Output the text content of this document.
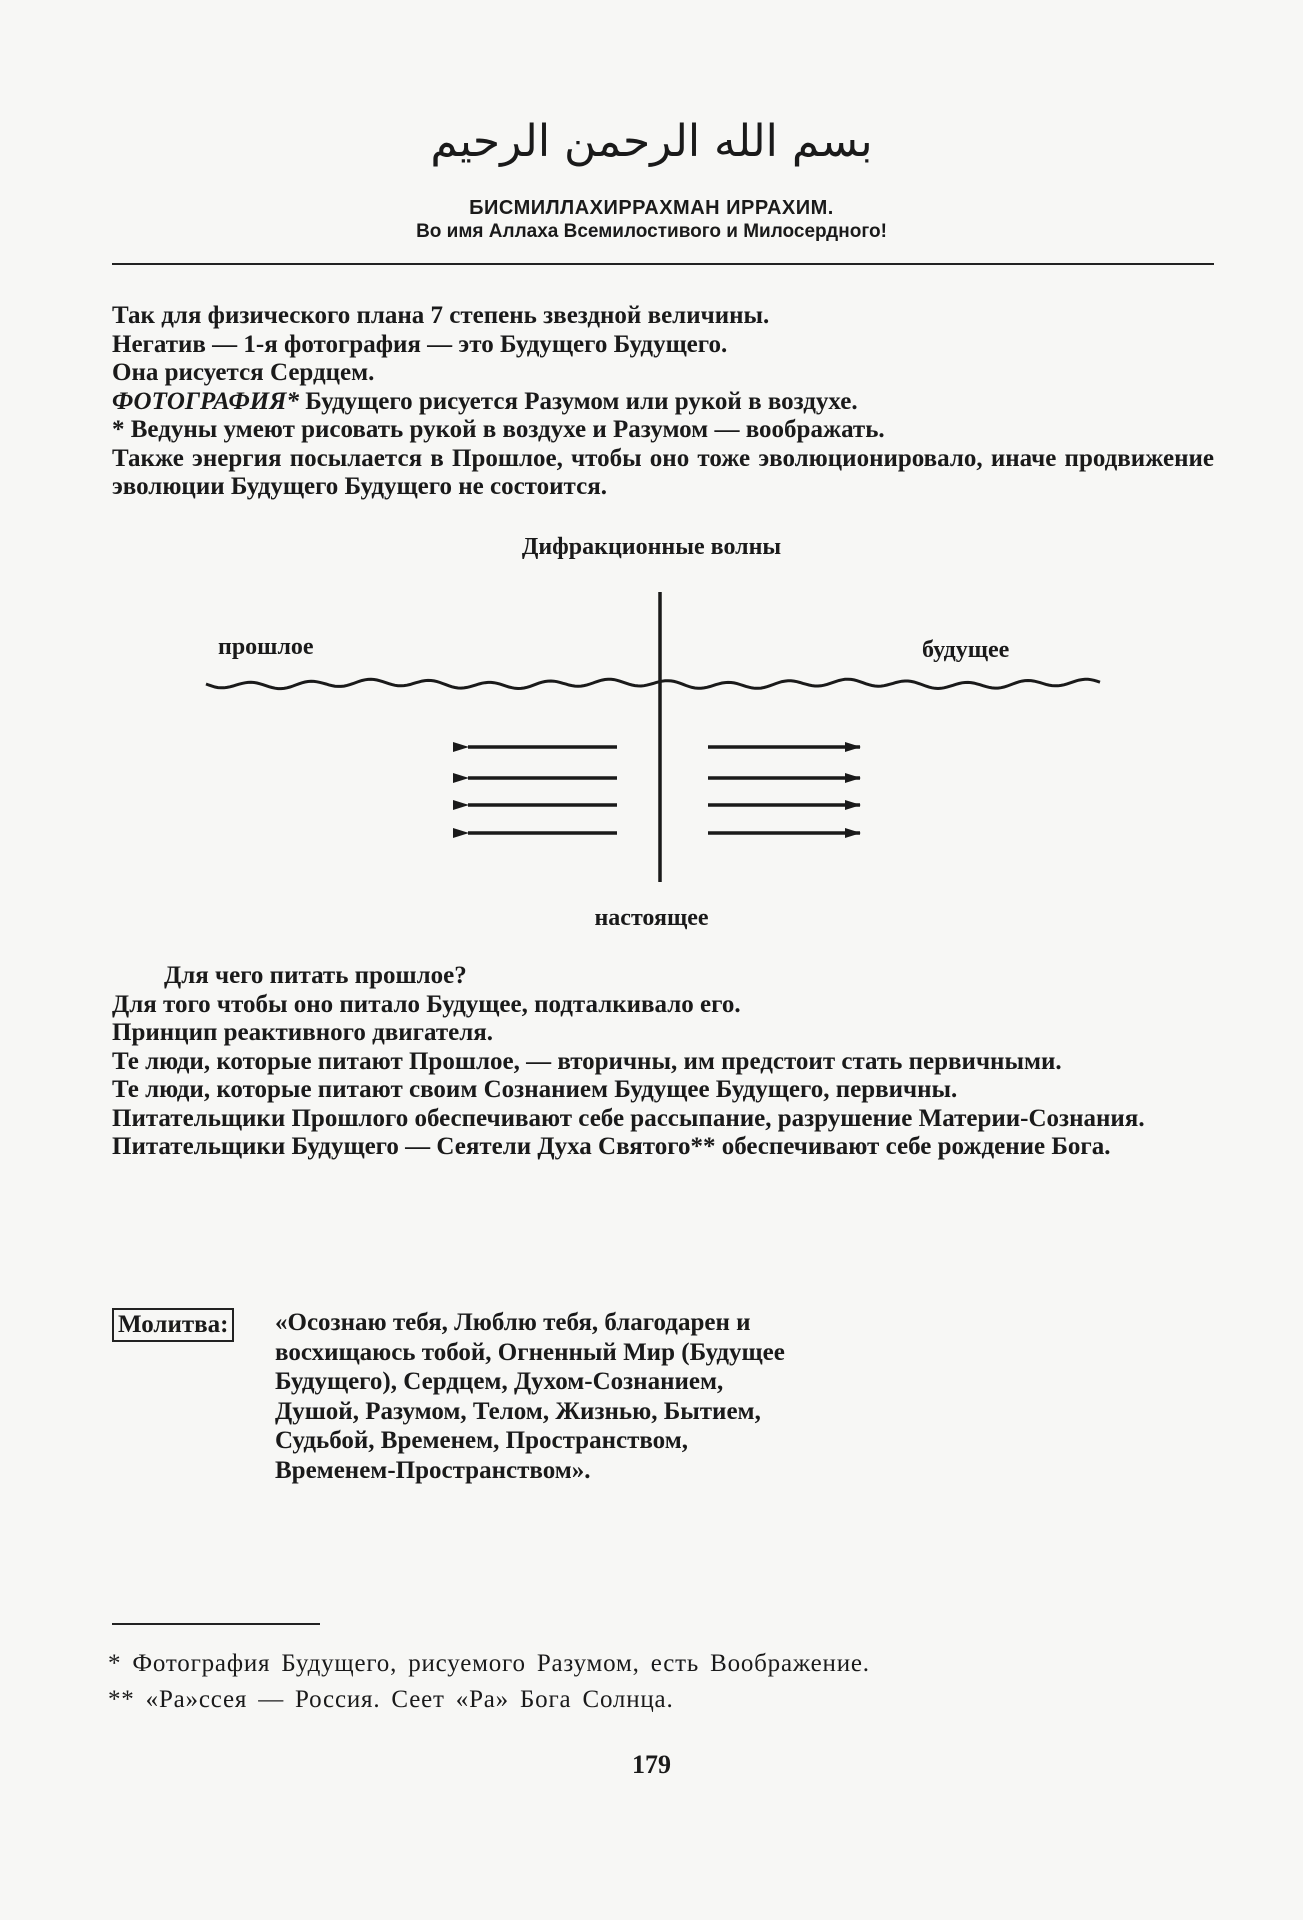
بسم الله الرحمن الرحيم
БИСМИЛЛАХИРРАХМАН ИРРАХИМ.
Во имя Аллаха Всемилостивого и Милосердного!

Так для физического плана 7 степень звездной величины.

Негатив — 1-я фотография — это Будущего Будущего.

Она рисуется Сердцем.

ФОТОГРАФИЯ* Будущего рисуется Разумом или рукой в воздухе.

* Ведуны умеют рисовать рукой в воздухе и Разумом — воображать.

Также энергия посылается в Прошлое, чтобы оно тоже эволюционировало, иначе продвижение эволюции Будущего Будущего не состоится.

Дифракционные волны
прошлое	будущее
настоящее

Для чего питать прошлое?

Для того чтобы оно питало Будущее, подталкивало его.

Принцип реактивного двигателя.

Те люди, которые питают Прошлое, — вторичны, им предстоит стать первичными.

Те люди, которые питают своим Сознанием Будущее Будущего, первичны.

Питательщики Прошлого обеспечивают себе рассыпание, разрушение Материи-Сознания.

Питательщики Будущего — Сеятели Духа Святого** обеспечивают себе рождение Бога.

Молитва: «Осознаю тебя, Люблю тебя, благодарен и

восхищаюсь тобой, Огненный Мир (Будущее

Будущего), Сердцем, Духом-Сознанием,

Душой, Разумом, Телом, Жизнью, Бытием,

Судьбой, Временем, Пространством,

Временем-Пространством».

* Фотография Будущего, рисуемого Разумом, есть Воображение.
** «Ра»ссея — Россия. Сеет «Ра» Бога Солнца.
179
